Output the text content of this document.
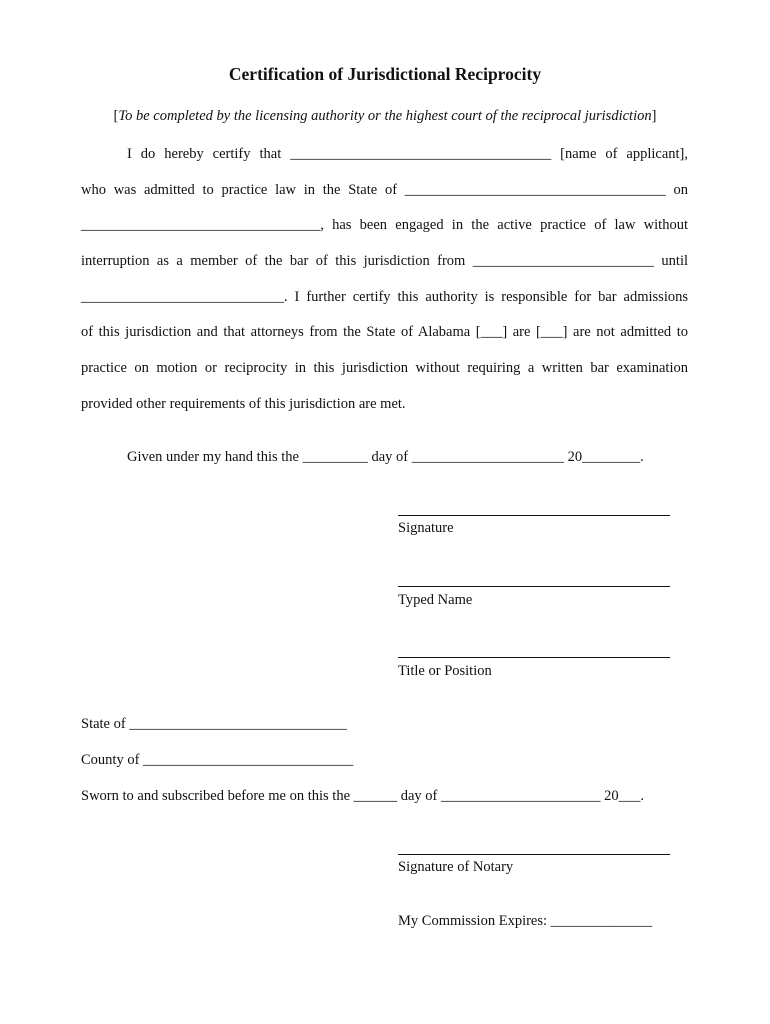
Certification of Jurisdictional Reciprocity
[To be completed by the licensing authority or the highest court of the reciprocal jurisdiction]
I do hereby certify that ____________________________________ [name of applicant],
who was admitted to practice law in the State of ____________________________________ on
_________________________________, has been engaged in the active practice of law without
interruption as a member of the bar of this jurisdiction from _________________________ until
____________________________. I further certify this authority is responsible for bar admissions
of this jurisdiction and that attorneys from the State of Alabama [___] are [___] are not admitted to
practice on motion or reciprocity in this jurisdiction without requiring a written bar examination
provided other requirements of this jurisdiction are met.
Given under my hand this the _________ day of _____________________ 20________.
Signature
Typed Name
Title or Position
State of ______________________________
County of _____________________________
Sworn to and subscribed before me on this the ______ day of ______________________ 20___.
Signature of Notary
My Commission Expires: ______________
